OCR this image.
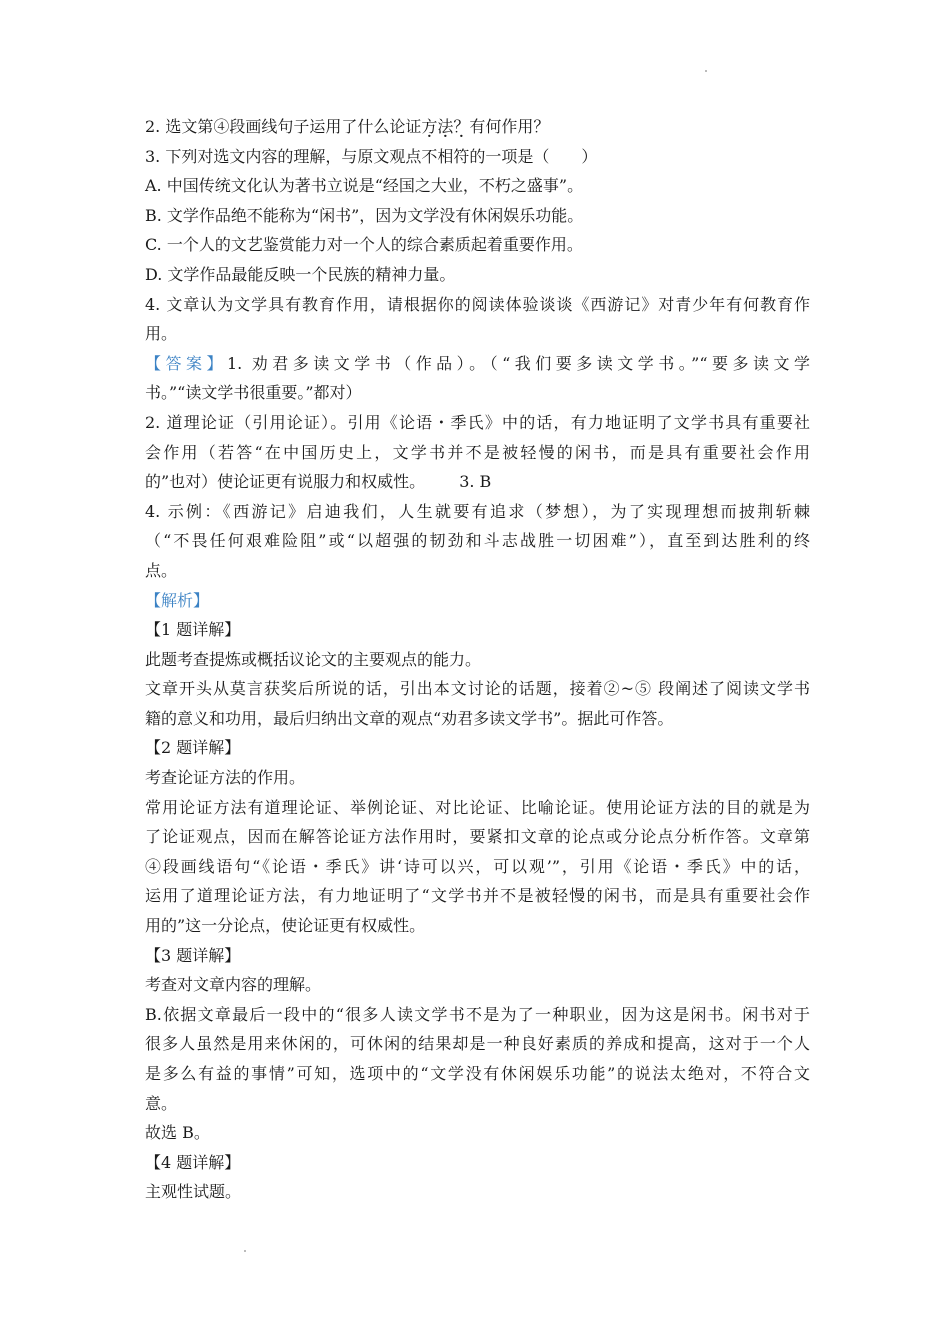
2. 选文第④段画线句子运用了什么论证方法？有何作用？
3. 下列对选文内容的理解，与原文观点不相符的一项是（　　）
A. 中国传统文化认为著书立说是“经国之大业，不朽之盛事”。
B. 文学作品绝不能称为“闲书”，因为文学没有休闲娱乐功能。
C. 一个人的文艺鉴赏能力对一个人的综合素质起着重要作用。
D. 文学作品最能反映一个民族的精神力量。
4. 文章认为文学具有教育作用，请根据你的阅读体验谈谈《西游记》对青少年有何教育作
用。
【答案】1. 劝君多读文学书（作品）。（“我们要多读文学书。”“要多读文学
书。”“读文学书很重要。”都对）
2. 道理论证（引用论证）。引用《论语・季氏》中的话，有力地证明了文学书具有重要社
会作用（若答“在中国历史上，文学书并不是被轻慢的闲书，而是具有重要社会作用
的”也对）使论证更有说服力和权威性。 3. B
4. 示例：《西游记》启迪我们，人生就要有追求（梦想），为了实现理想而披荆斩棘
（“不畏任何艰难险阻”或“以超强的韧劲和斗志战胜一切困难”），直至到达胜利的终
点。
【解析】
【1 题详解】
此题考查提炼或概括议论文的主要观点的能力。
文章开头从莫言获奖后所说的话，引出本文讨论的话题，接着②~⑤ 段阐述了阅读文学书
籍的意义和功用，最后归纳出文章的观点“劝君多读文学书”。据此可作答。
【2 题详解】
考查论证方法的作用。
常用论证方法有道理论证、举例论证、对比论证、比喻论证。使用论证方法的目的就是为
了论证观点，因而在解答论证方法作用时，要紧扣文章的论点或分论点分析作答。文章第
④段画线语句“《论语・季氏》讲‘诗可以兴，可以观’”，引用《论语・季氏》中的话，
运用了道理论证方法，有力地证明了“文学书并不是被轻慢的闲书，而是具有重要社会作
用的”这一分论点，使论证更有权威性。
【3 题详解】
考查对文章内容的理解。
B.依据文章最后一段中的“很多人读文学书不是为了一种职业，因为这是闲书。闲书对于
很多人虽然是用来休闲的，可休闲的结果却是一种良好素质的养成和提高，这对于一个人
是多么有益的事情”可知，选项中的“文学没有休闲娱乐功能”的说法太绝对，不符合文
意。
故选 B。
【4 题详解】
主观性试题。
